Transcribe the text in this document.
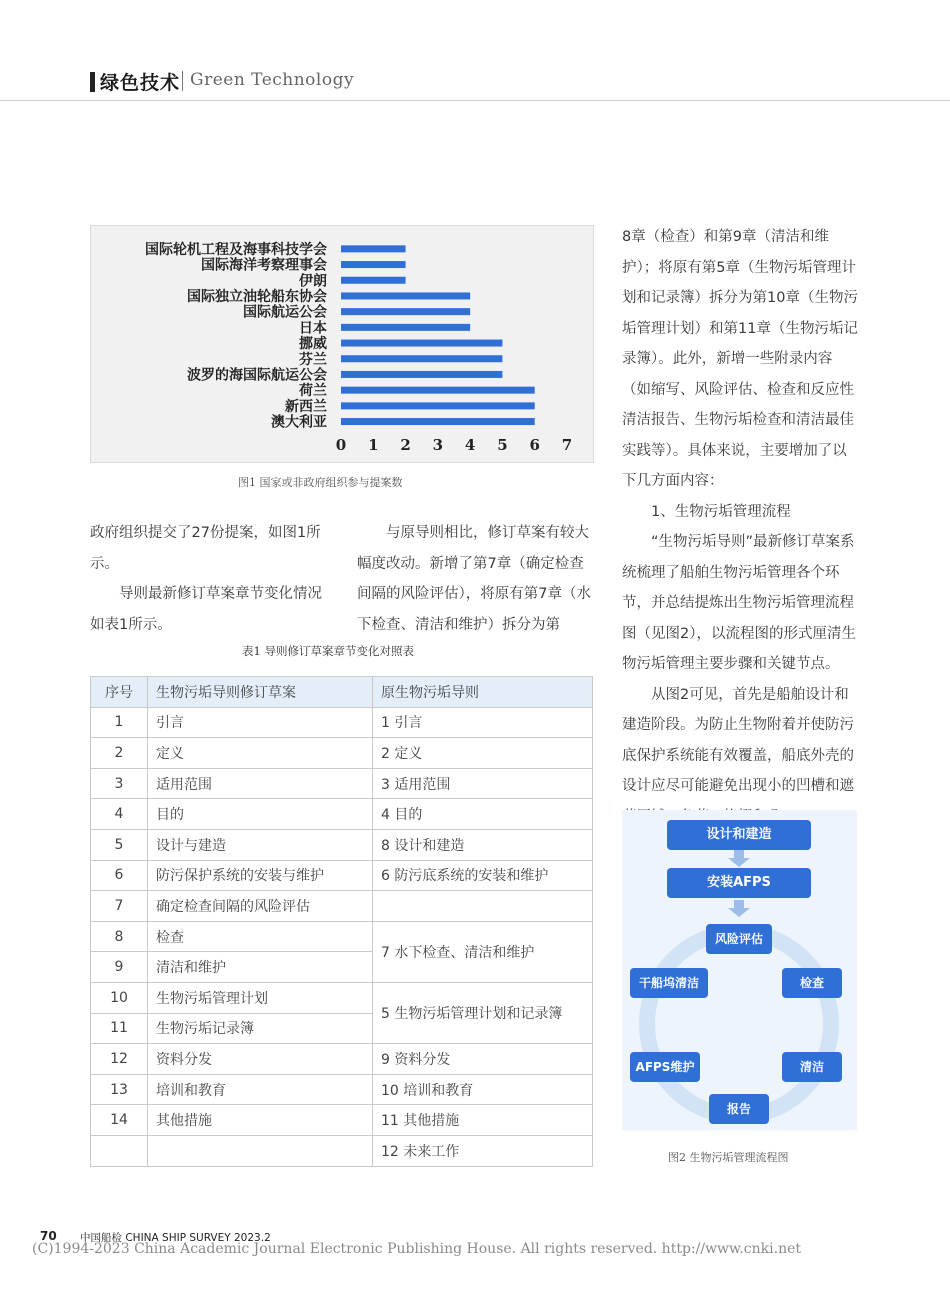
绿色技术 Green Technology
国际轮机工程及海事科技学会
国际海洋考察理事会
伊朗
国际独立油轮船东协会
国际航运公会
日本
挪威
芬兰
波罗的海国际航运公会
荷兰
新西兰
澳大利亚
0 1 2 3 4 5 6 7
图1 国家或非政府组织参与提案数

政府组织提交了27份提案，如图1所示。

导则最新修订草案章节变化情况如表1所示。

与原导则相比，修订草案有较大幅度改动。新增了第7章（确定检查间隔的风险评估），将原有第7章（水下检查、清洁和维护）拆分为第

表1 导则修订草案章节变化对照表
序号	生物污垢导则修订草案	原生物污垢导则
1	引言	1 引言
2	定义	2 定义
3	适用范围	3 适用范围
4	目的	4 目的
5	设计与建造	8 设计和建造
6	防污保护系统的安装与维护	6 防污底系统的安装和维护
7	确定检查间隔的风险评估	
8	检查	7 水下检查、清洁和维护
9	清洁和维护	
10	生物污垢管理计划	5 生物污垢管理计划和记录簿
11	生物污垢记录簿	
12	资料分发	9 资料分发
13	培训和教育	10 培训和教育
14	其他措施	11 其他措施
		12 未来工作

8章（检查）和第9章（清洁和维护）；将原有第5章（生物污垢管理计划和记录簿）拆分为第10章（生物污垢管理计划）和第11章（生物污垢记录簿）。此外，新增一些附录内容（如缩写、风险评估、检查和反应性清洁报告、生物污垢检查和清洁最佳实践等）。具体来说，主要增加了以下几方面内容：

1、生物污垢管理流程

“生物污垢导则”最新修订草案系统梳理了船舶生物污垢管理各个环节，并总结提炼出生物污垢管理流程图（见图2），以流程图的形式厘清生物污垢管理主要步骤和关键节点。

从图2可见，首先是船舶设计和建造阶段。为防止生物附着并使防污底保护系统能有效覆盖，船底外壳的设计应尽可能避免出现小的凹槽和遮

设计和建造
安装AFPS
风险评估
检查
清洁
报告
AFPS维护
干船坞清洁
图2 生物污垢管理流程图
70 中国船检 CHINA SHIP SURVEY 2023.2
(C)1994-2023 China Academic Journal Electronic Publishing House. All rights reserved. http://www.cnki.net
